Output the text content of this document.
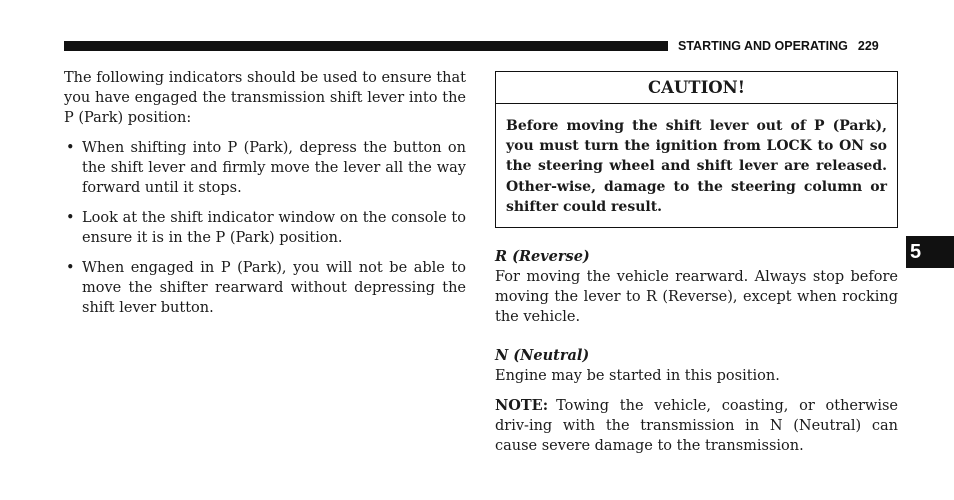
STARTING AND OPERATING 229

The following indicators should be used to ensure that you have engaged the transmission shift lever into the P (Park) position:

• When shifting into P (Park), depress the button on the shift lever and firmly move the lever all the way forward until it stops.
• Look at the shift indicator window on the console to ensure it is in the P (Park) position.
• When engaged in P (Park), you will not be able to move the shifter rearward without depressing the shift lever button.
CAUTION!
Before moving the shift lever out of P (Park), you must turn the ignition from LOCK to ON so the steering wheel and shift lever are released. Other-wise, damage to the steering column or shifter could result.

R (Reverse)

For moving the vehicle rearward. Always stop before moving the lever to R (Reverse), except when rocking the vehicle.

N (Neutral)

Engine may be started in this position.

NOTE: Towing the vehicle, coasting, or otherwise driv-ing with the transmission in N (Neutral) can cause severe damage to the transmission.

5
